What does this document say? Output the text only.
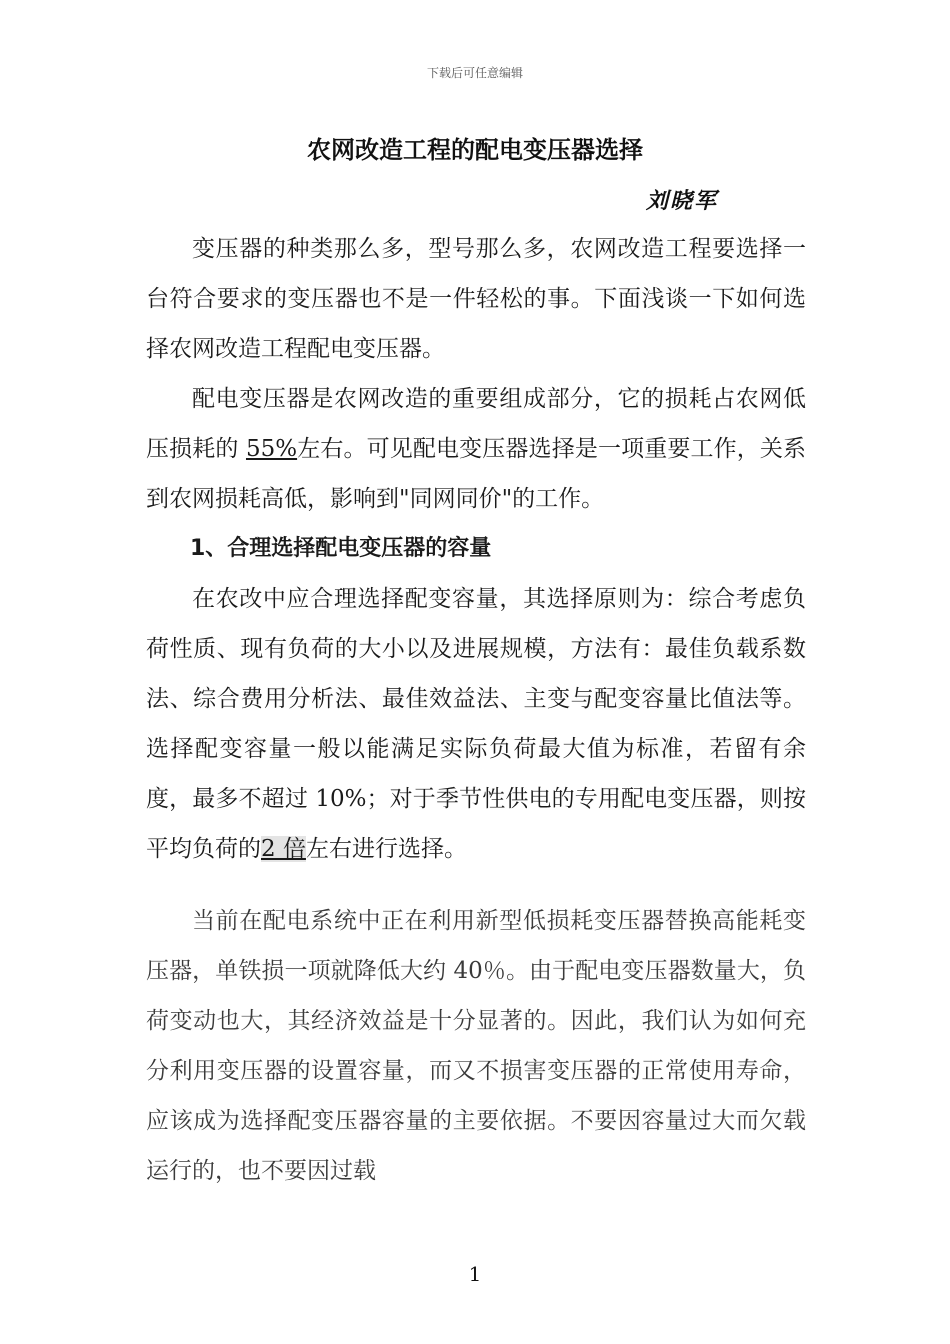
下载后可任意编辑
农网改造工程的配电变压器选择
刘晓军

变压器的种类那么多，型号那么多，农网改造工程要选择一台符合要求的变压器也不是一件轻松的事。下面浅谈一下如何选择农网改造工程配电变压器。

配电变压器是农网改造的重要组成部分，它的损耗占农网低压损耗的 55%左右。可见配电变压器选择是一项重要工作，关系到农网损耗高低，影响到"同网同价"的工作。

1、合理选择配电变压器的容量

在农改中应合理选择配变容量，其选择原则为：综合考虑负荷性质、现有负荷的大小以及进展规模，方法有：最佳负载系数法、综合费用分析法、最佳效益法、主变与配变容量比值法等。选择配变容量一般以能满足实际负荷最大值为标准，若留有余度，最多不超过 10%；对于季节性供电的专用配电变压器，则按平均负荷的2 倍左右进行选择。

当前在配电系统中正在利用新型低损耗变压器替换高能耗变压器，单铁损一项就降低大约 40％。由于配电变压器数量大，负荷变动也大，其经济效益是十分显著的。因此，我们认为如何充分利用变压器的设置容量，而又不损害变压器的正常使用寿命，应该成为选择配变压器容量的主要依据。不要因容量过大而欠载运行的，也不要因过载

1
